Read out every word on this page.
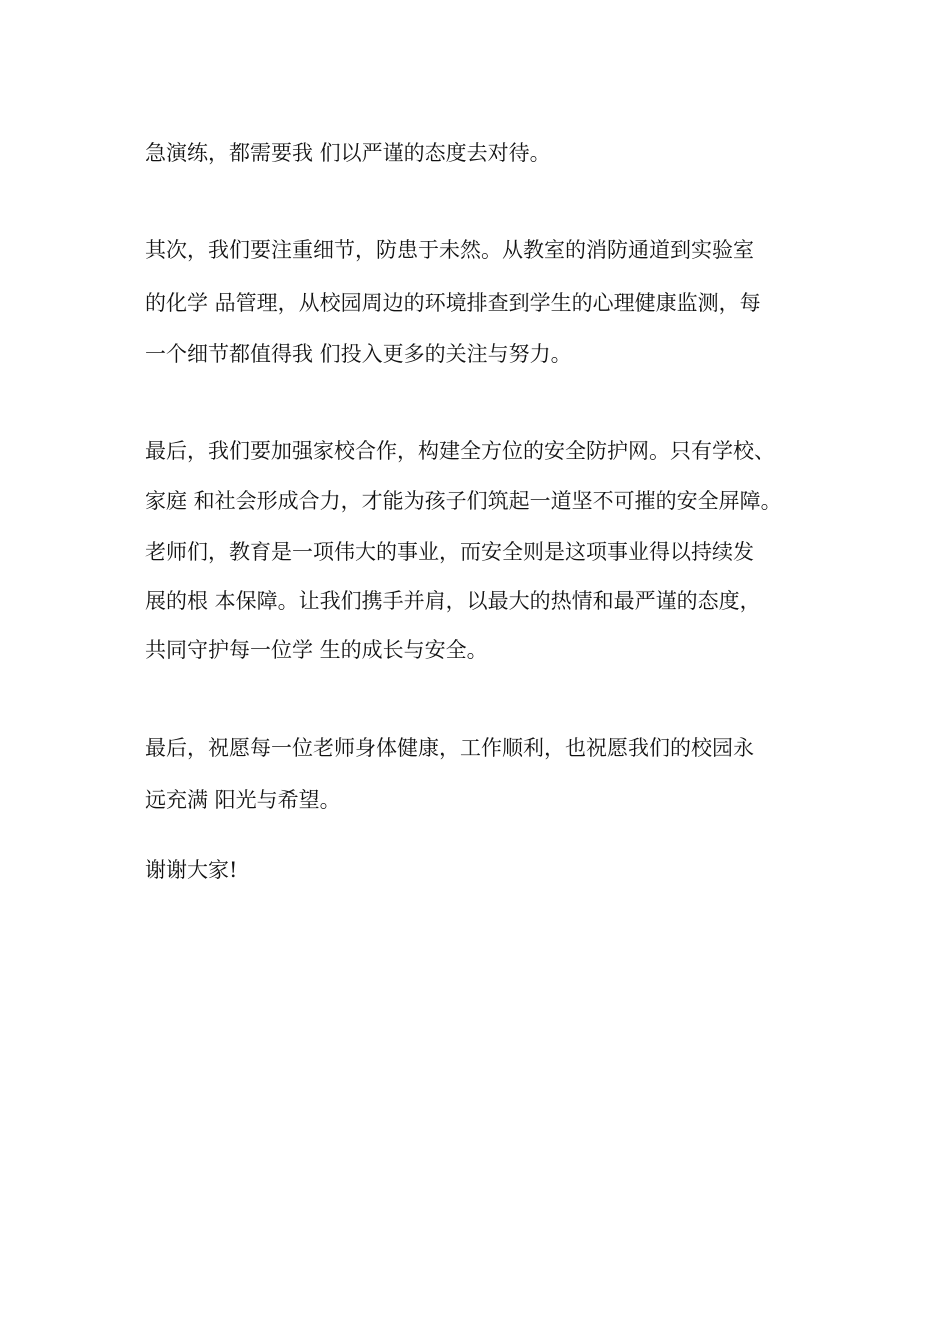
急演练，都需要我 们以严谨的态度去对待。
其次，我们要注重细节，防患于未然。从教室的消防通道到实验室
的化学 品管理，从校园周边的环境排查到学生的心理健康监测，每
一个细节都值得我 们投入更多的关注与努力。
最后，我们要加强家校合作，构建全方位的安全防护网。只有学校、
家庭 和社会形成合力，才能为孩子们筑起一道坚不可摧的安全屏障。
老师们，教育是一项伟大的事业，而安全则是这项事业得以持续发
展的根 本保障。让我们携手并肩，以最大的热情和最严谨的态度，
共同守护每一位学 生的成长与安全。
最后，祝愿每一位老师身体健康，工作顺利，也祝愿我们的校园永
远充满 阳光与希望。
谢谢大家!
